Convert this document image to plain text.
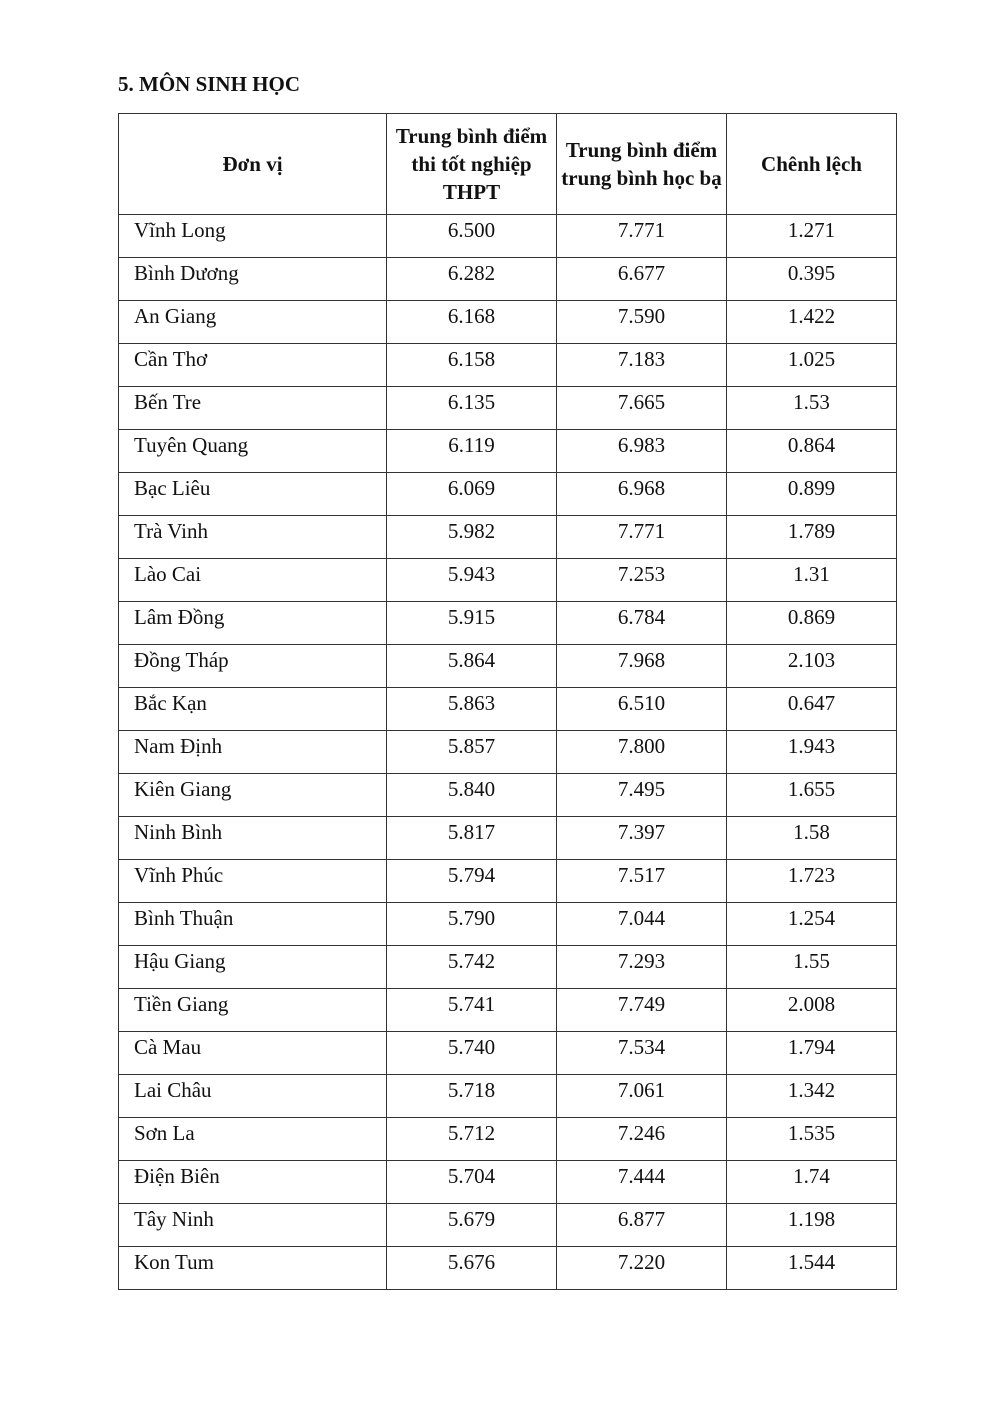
5. MÔN SINH HỌC
Đơn vị	Trung bình điểm thi tốt nghiệp THPT	Trung bình điểm trung bình học bạ	Chênh lệch
Vĩnh Long	6.500	7.771	1.271
Bình Dương	6.282	6.677	0.395
An Giang	6.168	7.590	1.422
Cần Thơ	6.158	7.183	1.025
Bến Tre	6.135	7.665	1.53
Tuyên Quang	6.119	6.983	0.864
Bạc Liêu	6.069	6.968	0.899
Trà Vinh	5.982	7.771	1.789
Lào Cai	5.943	7.253	1.31
Lâm Đồng	5.915	6.784	0.869
Đồng Tháp	5.864	7.968	2.103
Bắc Kạn	5.863	6.510	0.647
Nam Định	5.857	7.800	1.943
Kiên Giang	5.840	7.495	1.655
Ninh Bình	5.817	7.397	1.58
Vĩnh Phúc	5.794	7.517	1.723
Bình Thuận	5.790	7.044	1.254
Hậu Giang	5.742	7.293	1.55
Tiền Giang	5.741	7.749	2.008
Cà Mau	5.740	7.534	1.794
Lai Châu	5.718	7.061	1.342
Sơn La	5.712	7.246	1.535
Điện Biên	5.704	7.444	1.74
Tây Ninh	5.679	6.877	1.198
Kon Tum	5.676	7.220	1.544
